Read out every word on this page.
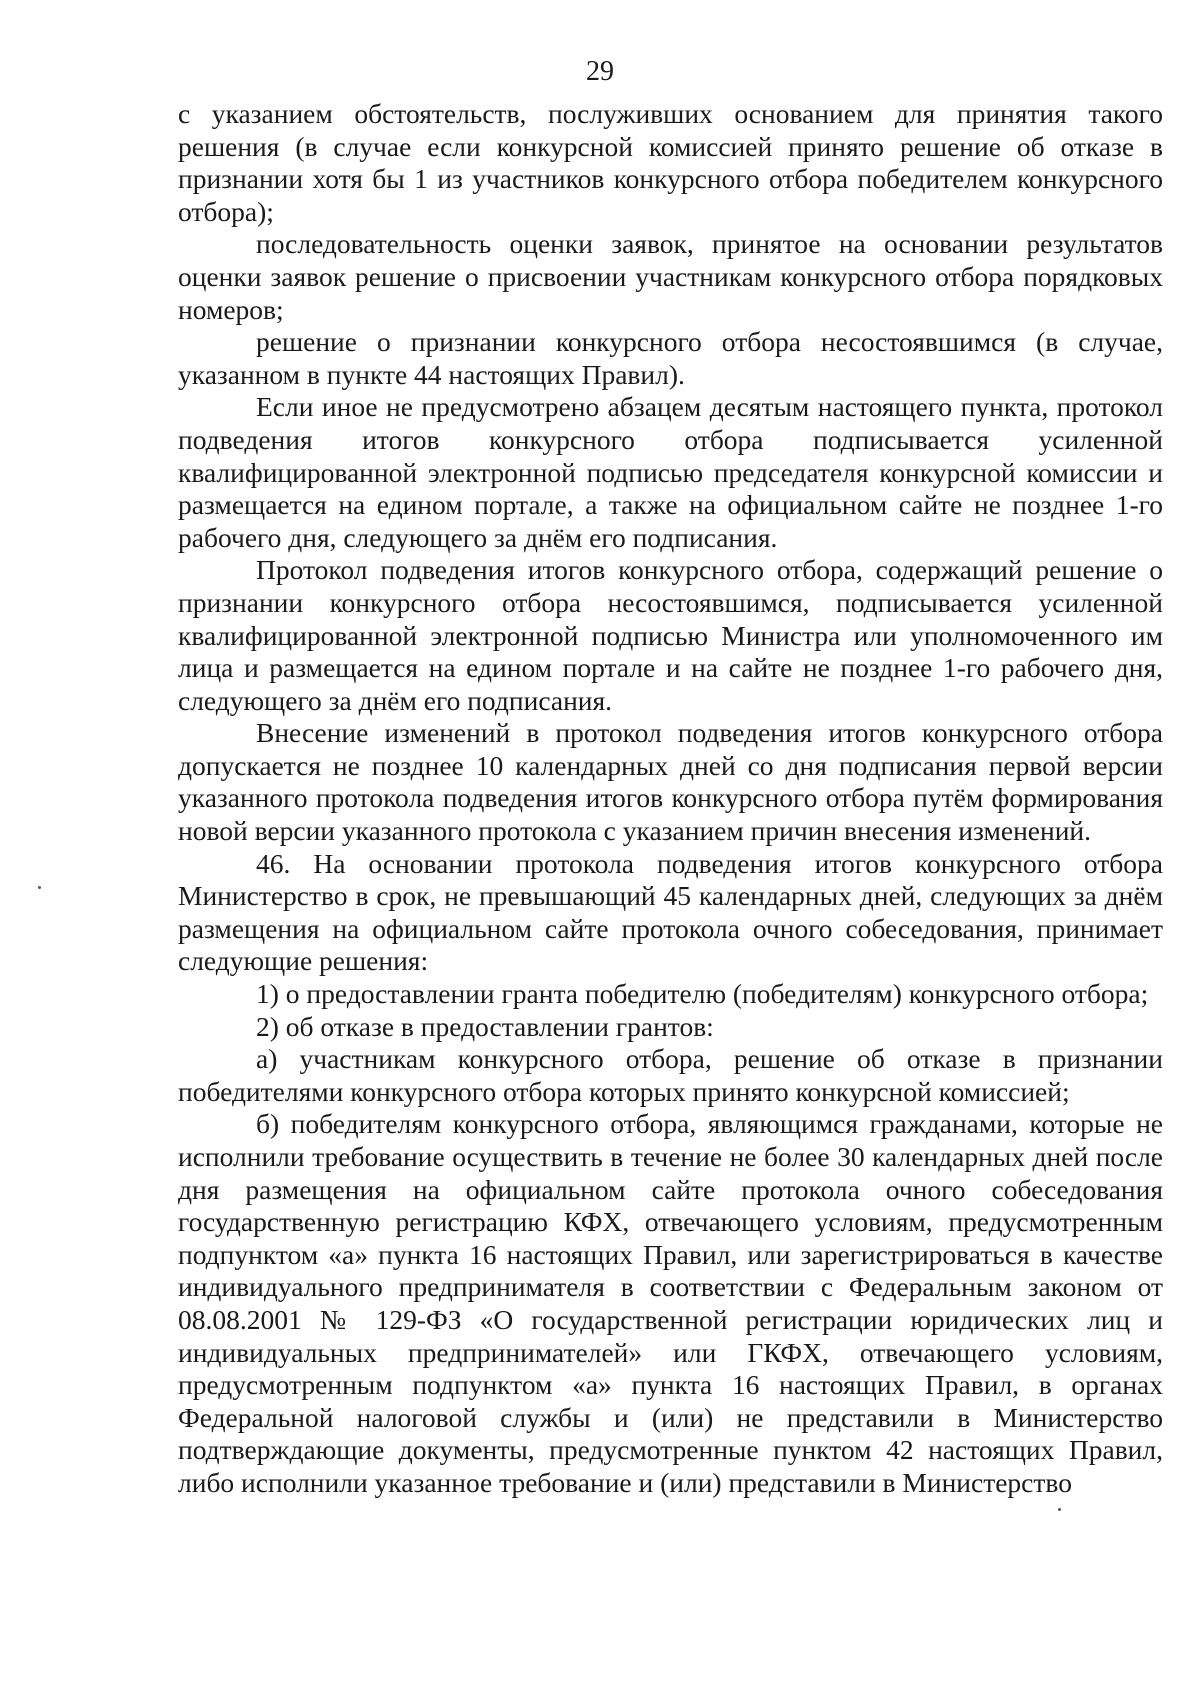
29

с указанием обстоятельств, послуживших основанием для принятия такого решения (в случае если конкурсной комиссией принято решение об отказе в признании хотя бы 1 из участников конкурсного отбора победителем конкурсного отбора);

последовательность оценки заявок, принятое на основании результатов оценки заявок решение о присвоении участникам конкурсного отбора порядковых номеров;

решение о признании конкурсного отбора несостоявшимся (в случае, указанном в пункте 44 настоящих Правил).

Если иное не предусмотрено абзацем десятым настоящего пункта, протокол подведения итогов конкурсного отбора подписывается усиленной квалифицированной электронной подписью председателя конкурсной комиссии и размещается на едином портале, а также на официальном сайте не позднее 1-го рабочего дня, следующего за днём его подписания.

Протокол подведения итогов конкурсного отбора, содержащий решение о признании конкурсного отбора несостоявшимся, подписывается усиленной квалифицированной электронной подписью Министра или уполномоченного им лица и размещается на едином портале и на сайте не позднее 1-го рабочего дня, следующего за днём его подписания.

Внесение изменений в протокол подведения итогов конкурсного отбора допускается не позднее 10 календарных дней со дня подписания первой версии указанного протокола подведения итогов конкурсного отбора путём формирования новой версии указанного протокола с указанием причин внесения изменений.

46. На основании протокола подведения итогов конкурсного отбора Министерство в срок, не превышающий 45 календарных дней, следующих за днём размещения на официальном сайте протокола очного собеседования, принимает следующие решения:

1) о предоставлении гранта победителю (победителям) конкурсного отбора;

2) об отказе в предоставлении грантов:

а) участникам конкурсного отбора, решение об отказе в признании победителями конкурсного отбора которых принято конкурсной комиссией;

б) победителям конкурсного отбора, являющимся гражданами, которые не исполнили требование осуществить в течение не более 30 календарных дней после дня размещения на официальном сайте протокола очного собеседования государственную регистрацию КФХ, отвечающего условиям, предусмотренным подпунктом «а» пункта 16 настоящих Правил, или зарегистрироваться в качестве индивидуального предпринимателя в соответствии с Федеральным законом от 08.08.2001 № 129-ФЗ «О государственной регистрации юридических лиц и индивидуальных предпринимателей» или ГКФХ, отвечающего условиям, предусмотренным подпунктом «а» пункта 16 настоящих Правил, в органах Федеральной налоговой службы и (или) не представили в Министерство подтверждающие документы, предусмотренные пунктом 42 настоящих Правил, либо исполнили указанное требование и (или) представили в Министерство
